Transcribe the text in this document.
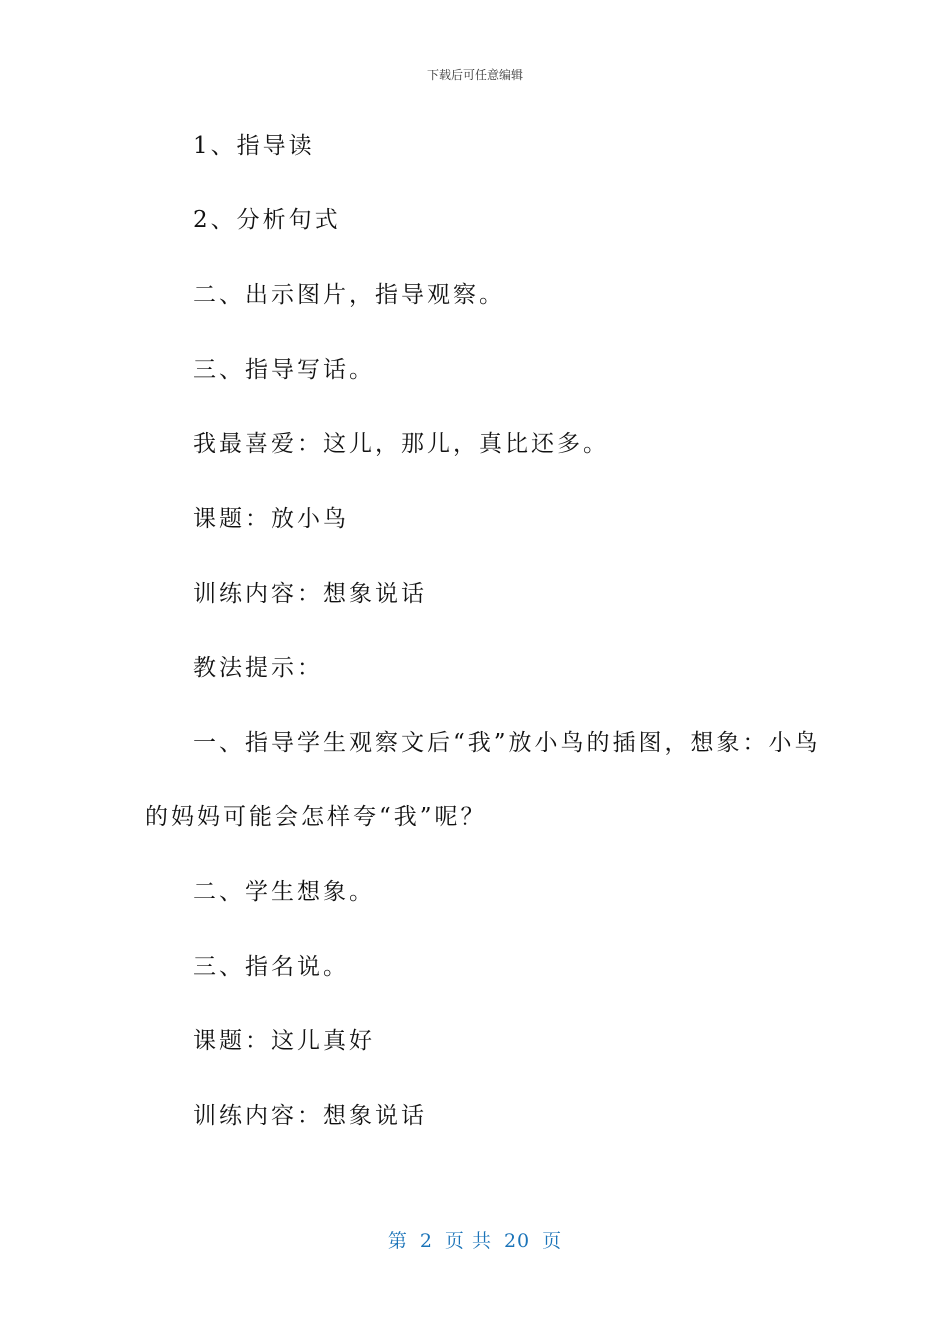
下载后可任意编辑

1、指导读

2、分析句式

二、出示图片，指导观察。

三、指导写话。

我最喜爱：这儿，那儿，真比还多。

课题：放小鸟

训练内容：想象说话

教法提示：

一、指导学生观察文后“我”放小鸟的插图，想象：小鸟

的妈妈可能会怎样夸“我”呢？

二、学生想象。

三、指名说。

课题：这儿真好

训练内容：想象说话

第 2 页 共 20 页
